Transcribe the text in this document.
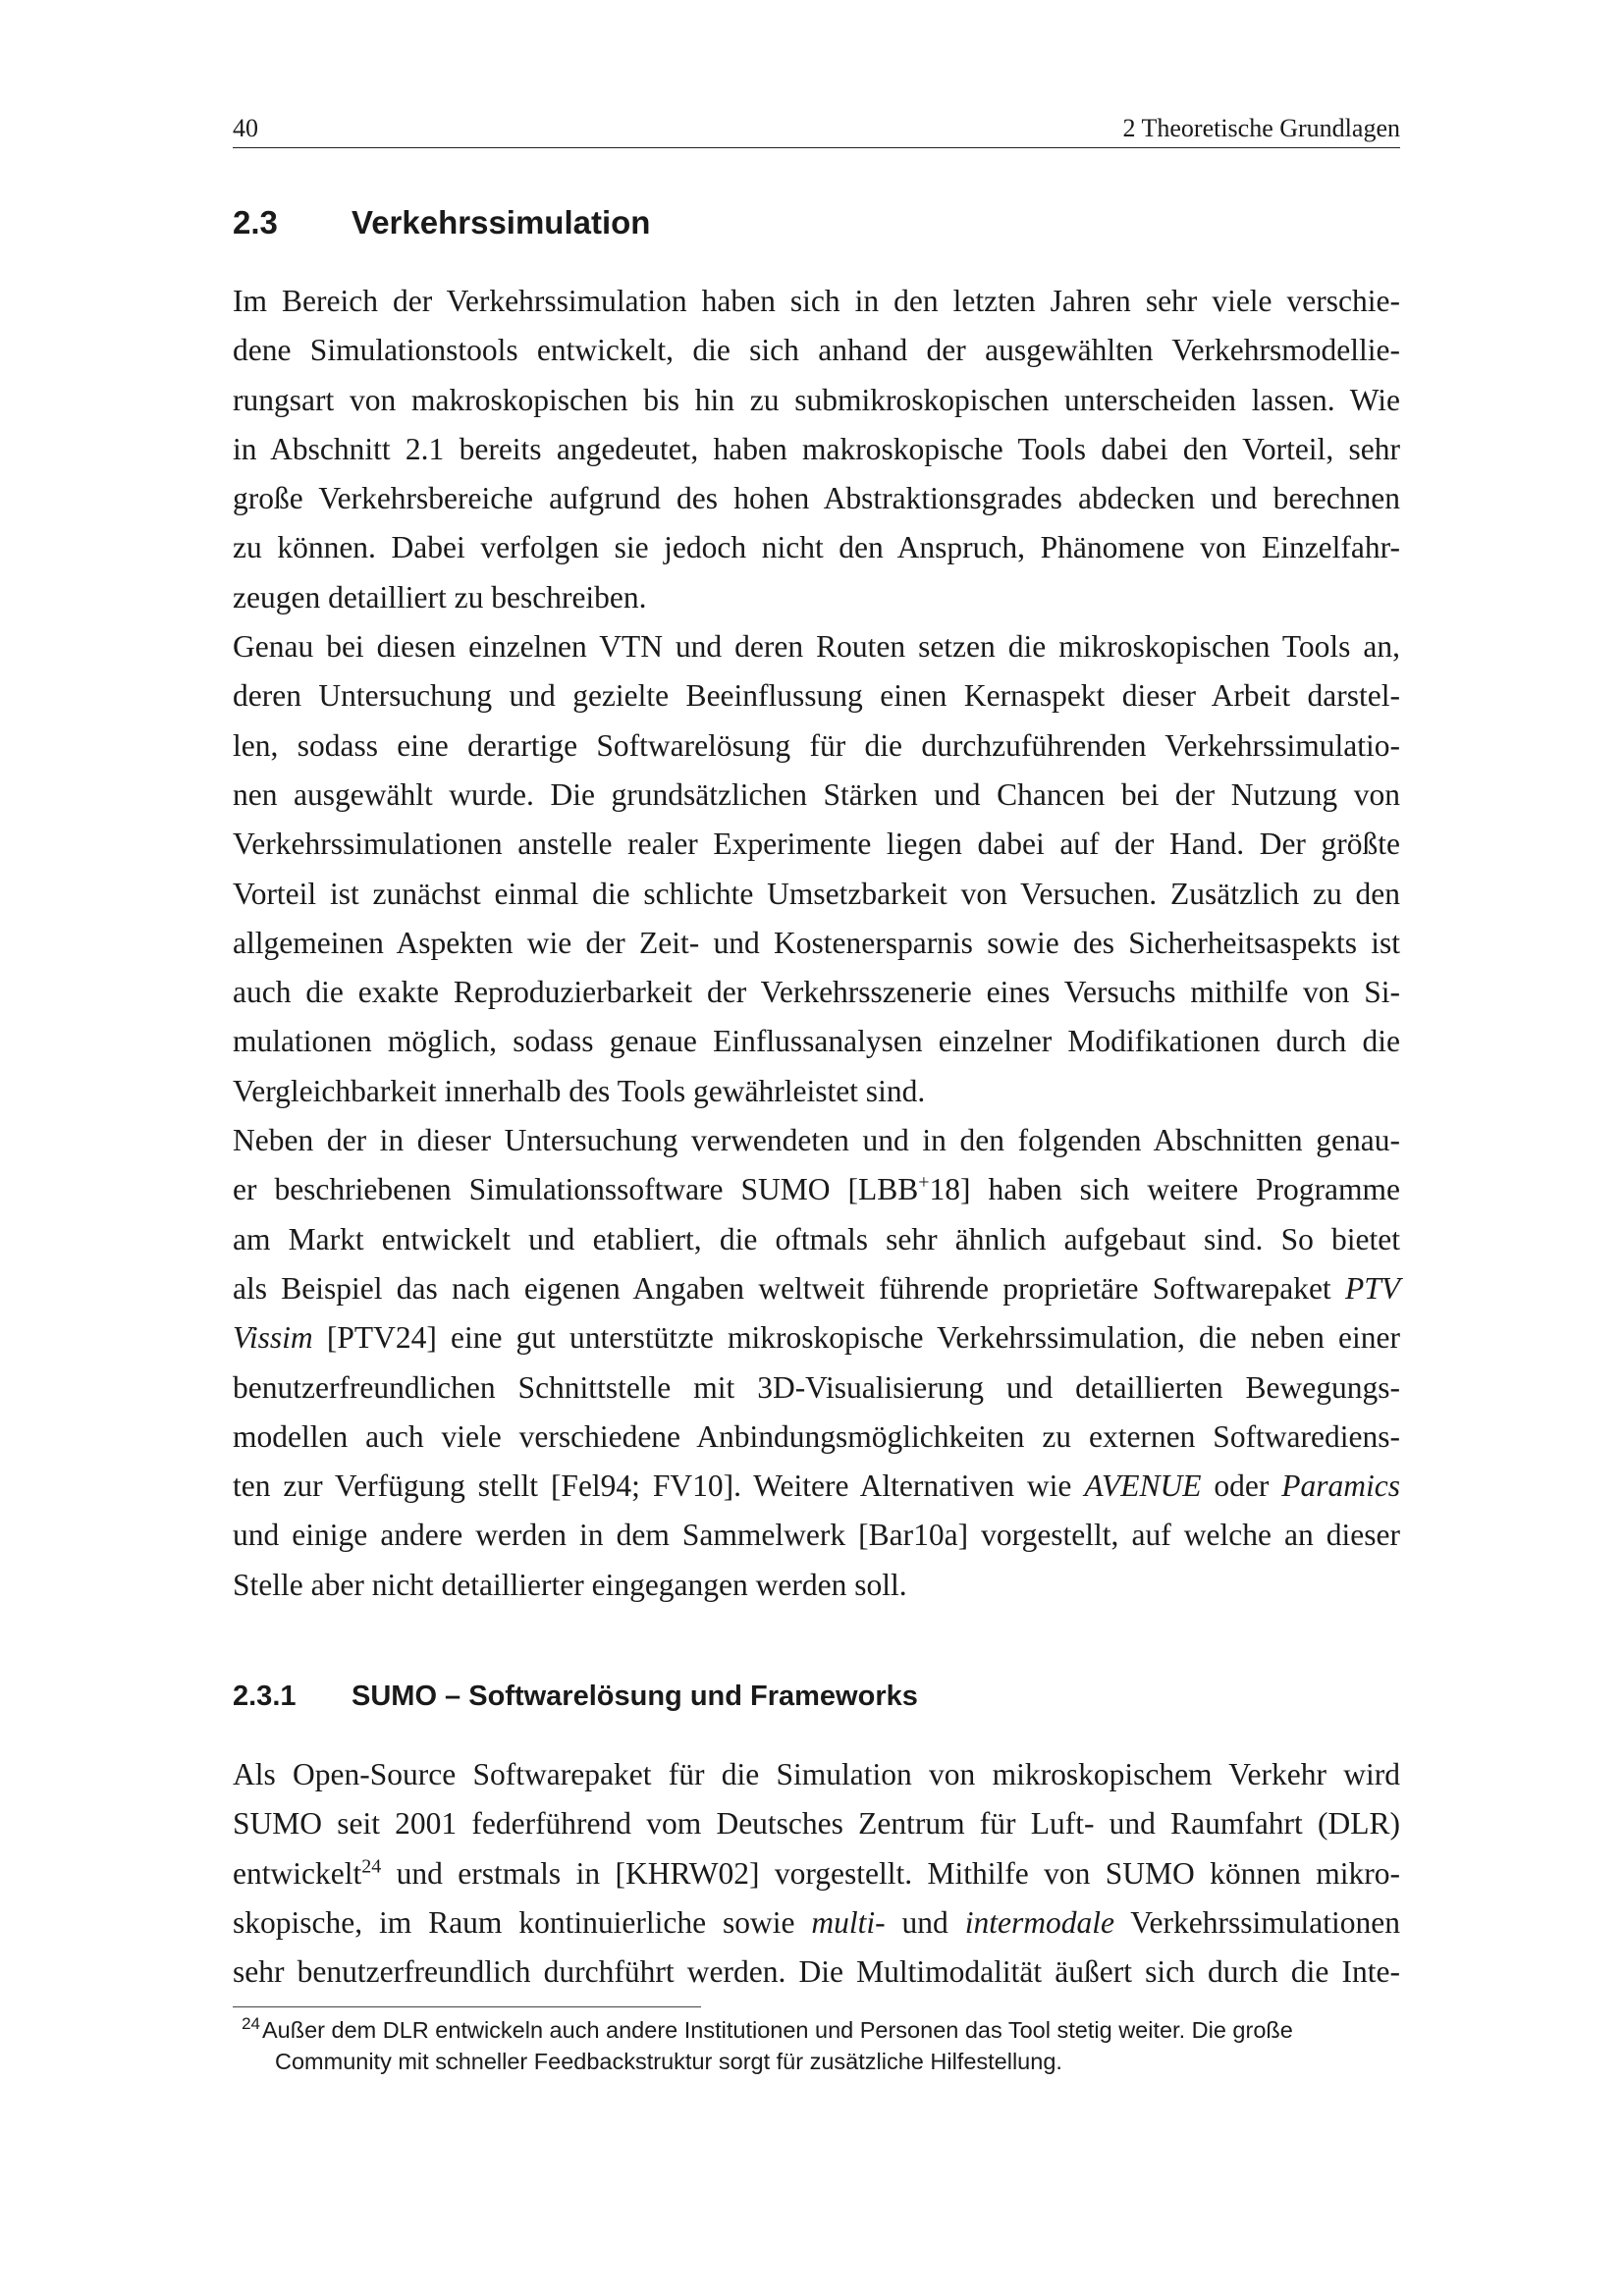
40	2 Theoretische Grundlagen
2.3 Verkehrssimulation
Im Bereich der Verkehrssimulation haben sich in den letzten Jahren sehr viele verschie-
dene Simulationstools entwickelt, die sich anhand der ausgewählten Verkehrsmodellie-
rungsart von makroskopischen bis hin zu submikroskopischen unterscheiden lassen. Wie
in Abschnitt 2.1 bereits angedeutet, haben makroskopische Tools dabei den Vorteil, sehr
große Verkehrsbereiche aufgrund des hohen Abstraktionsgrades abdecken und berechnen
zu können. Dabei verfolgen sie jedoch nicht den Anspruch, Phänomene von Einzelfahr-
zeugen detailliert zu beschreiben.
Genau bei diesen einzelnen VTN und deren Routen setzen die mikroskopischen Tools an,
deren Untersuchung und gezielte Beeinflussung einen Kernaspekt dieser Arbeit darstel-
len, sodass eine derartige Softwarelösung für die durchzuführenden Verkehrssimulatio-
nen ausgewählt wurde. Die grundsätzlichen Stärken und Chancen bei der Nutzung von
Verkehrssimulationen anstelle realer Experimente liegen dabei auf der Hand. Der größte
Vorteil ist zunächst einmal die schlichte Umsetzbarkeit von Versuchen. Zusätzlich zu den
allgemeinen Aspekten wie der Zeit- und Kostenersparnis sowie des Sicherheitsaspekts ist
auch die exakte Reproduzierbarkeit der Verkehrsszenerie eines Versuchs mithilfe von Si-
mulationen möglich, sodass genaue Einflussanalysen einzelner Modifikationen durch die
Vergleichbarkeit innerhalb des Tools gewährleistet sind.
Neben der in dieser Untersuchung verwendeten und in den folgenden Abschnitten genau-
er beschriebenen Simulationssoftware SUMO [LBB+18] haben sich weitere Programme
am Markt entwickelt und etabliert, die oftmals sehr ähnlich aufgebaut sind. So bietet
als Beispiel das nach eigenen Angaben weltweit führende proprietäre Softwarepaket PTV
Vissim [PTV24] eine gut unterstützte mikroskopische Verkehrssimulation, die neben einer
benutzerfreundlichen Schnittstelle mit 3D-Visualisierung und detaillierten Bewegungs-
modellen auch viele verschiedene Anbindungsmöglichkeiten zu externen Softwarediens-
ten zur Verfügung stellt [Fel94; FV10]. Weitere Alternativen wie AVENUE oder Paramics
und einige andere werden in dem Sammelwerk [Bar10a] vorgestellt, auf welche an dieser
Stelle aber nicht detaillierter eingegangen werden soll.
2.3.1 SUMO – Softwarelösung und Frameworks
Als Open-Source Softwarepaket für die Simulation von mikroskopischem Verkehr wird
SUMO seit 2001 federführend vom Deutsches Zentrum für Luft- und Raumfahrt (DLR)
entwickelt$^{24}$ und erstmals in [KHRW02] vorgestellt. Mithilfe von SUMO können mikro-
skopische, im Raum kontinuierliche sowie multi- und intermodale Verkehrssimulationen
sehr benutzerfreundlich durchführt werden. Die Multimodalität äußert sich durch die Inte-
24Außer dem DLR entwickeln auch andere Institutionen und Personen das Tool stetig weiter. Die große
Community mit schneller Feedbackstruktur sorgt für zusätzliche Hilfestellung.
